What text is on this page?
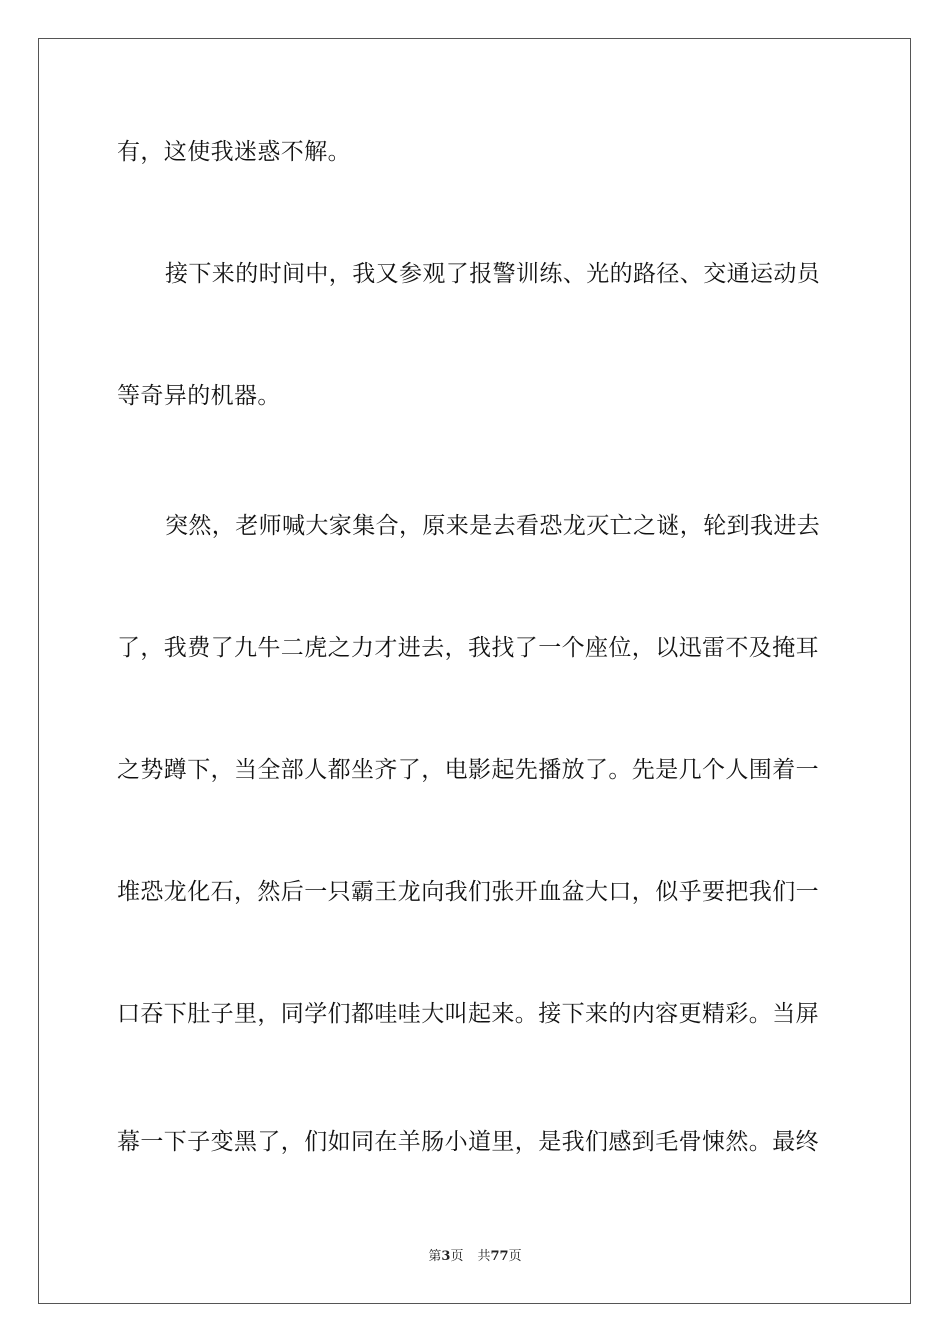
有，这使我迷惑不解。
接下来的时间中，我又参观了报警训练、光的路径、交通运动员
等奇异的机器。
突然，老师喊大家集合，原来是去看恐龙灭亡之谜，轮到我进去
了，我费了九牛二虎之力才进去，我找了一个座位，以迅雷不及掩耳
之势蹲下，当全部人都坐齐了，电影起先播放了。先是几个人围着一
堆恐龙化石，然后一只霸王龙向我们张开血盆大口，似乎要把我们一
口吞下肚子里，同学们都哇哇大叫起来。接下来的内容更精彩。当屏
幕一下子变黑了，们如同在羊肠小道里，是我们感到毛骨悚然。最终
第3页 共77页
